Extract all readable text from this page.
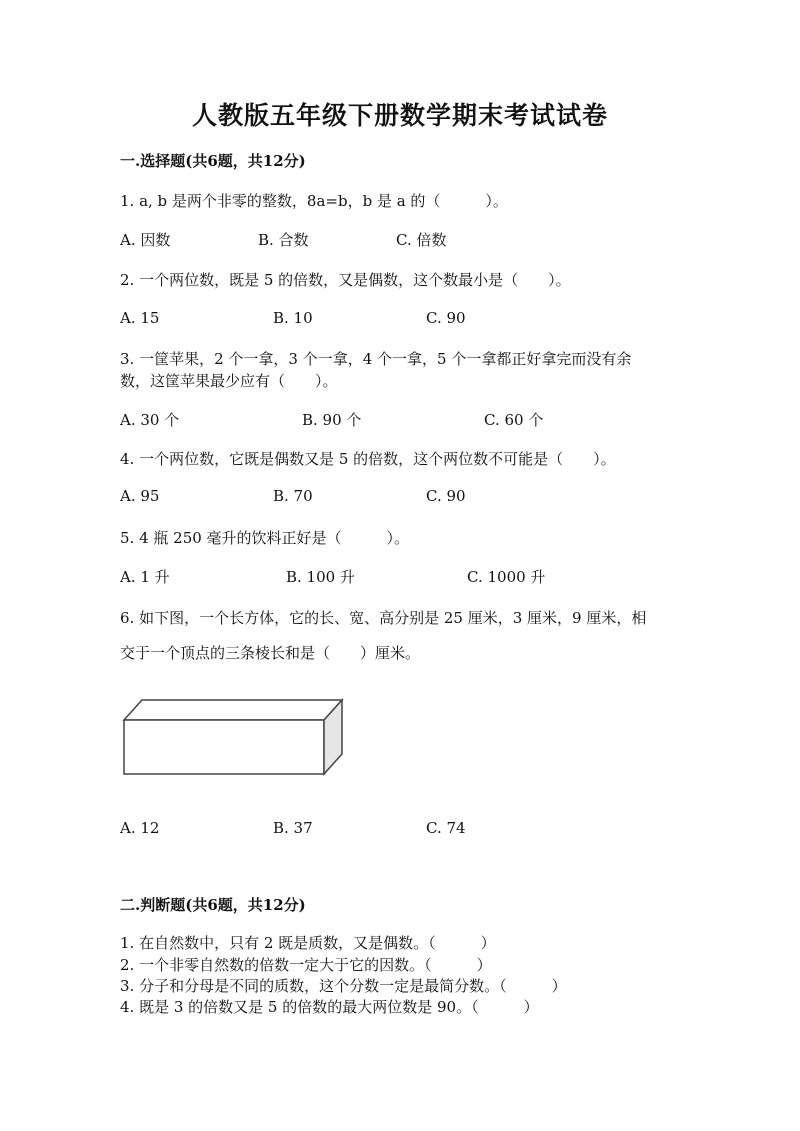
人教版五年级下册数学期末考试试卷
一.选择题(共6题，共12分)
1. a, b 是两个非零的整数，8a=b，b 是 a 的（　　　）。
A. 因数	B. 合数	C. 倍数
2. 一个两位数，既是 5 的倍数，又是偶数，这个数最小是（　　）。
A. 15	B. 10	C. 90
3. 一筐苹果，2 个一拿，3 个一拿，4 个一拿，5 个一拿都正好拿完而没有余
数，这筐苹果最少应有（　　）。
A. 30 个	B. 90 个	C. 60 个
4. 一个两位数，它既是偶数又是 5 的倍数，这个两位数不可能是（　　）。
A. 95	B. 70	C. 90
5. 4 瓶 250 毫升的饮料正好是（　　　）。
A. 1 升	B. 100 升	C. 1000 升
6. 如下图，一个长方体，它的长、宽、高分别是 25 厘米，3 厘米，9 厘米，相
交于一个顶点的三条棱长和是（　　）厘米。
A. 12	B. 37	C. 74
二.判断题(共6题，共12分)
1. 在自然数中，只有 2 既是质数，又是偶数。（　　　）
2. 一个非零自然数的倍数一定大于它的因数。（　　　）
3. 分子和分母是不同的质数，这个分数一定是最简分数。（　　　）
4. 既是 3 的倍数又是 5 的倍数的最大两位数是 90。（　　　）
